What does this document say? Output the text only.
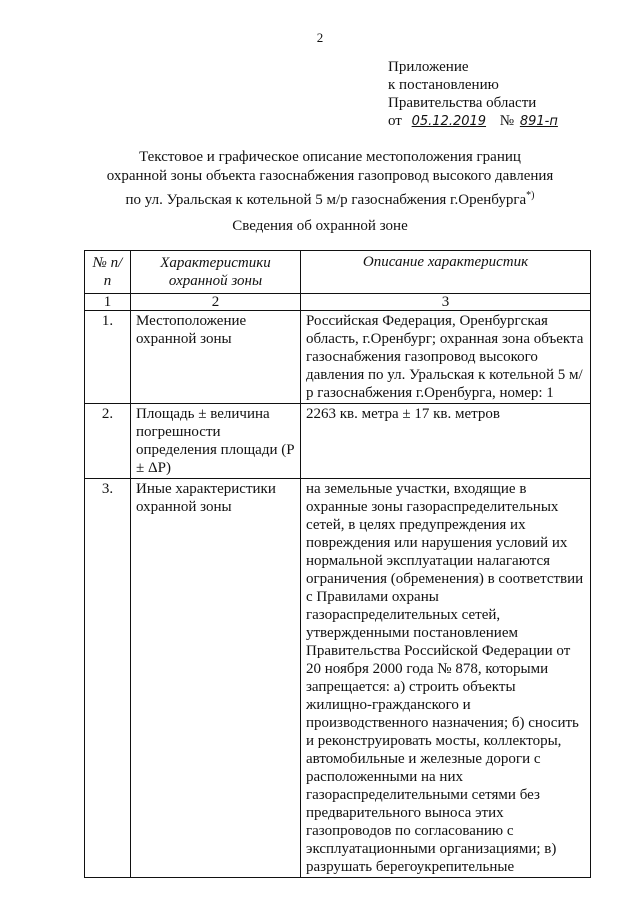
2
Приложение
к постановлению
Правительства области
от 05.12.2019 № 891-п
Текстовое и графическое описание местоположения границ
охранной зоны объекта газоснабжения газопровод высокого давления
по ул. Уральская к котельной 5 м/р газоснабжения г.Оренбурга*)
Сведения об охранной зоне
№ п/п	Характеристики охранной зоны	Описание характеристик
1	2	3
1.	Местоположение охранной зоны	Российская Федерация, Оренбургская область, г.Оренбург; охранная зона объекта газоснабжения газопровод высокого давления по ул. Уральская к котельной 5 м/р газоснабжения г.Оренбурга, номер: 1
2.	Площадь ± величина погрешности определения площади (P ± ΔP)	2263 кв. метра ± 17 кв. метров
3.	Иные характеристики охранной зоны	на земельные участки, входящие в охранные зоны газораспределительных сетей, в целях предупреждения их повреждения или нарушения условий их нормальной эксплуатации налагаются ограничения (обременения) в соответствии с Правилами охраны газораспределительных сетей, утвержденными постановлением Правительства Российской Федерации от 20 ноября 2000 года № 878, которыми запрещается: а) строить объекты жилищно-гражданского и производственного назначения; б) сносить и реконструировать мосты, коллекторы, автомобильные и железные дороги с расположенными на них газораспределительными сетями без предварительного выноса этих газопроводов по согласованию с эксплуатационными организациями; в) разрушать берегоукрепительные
